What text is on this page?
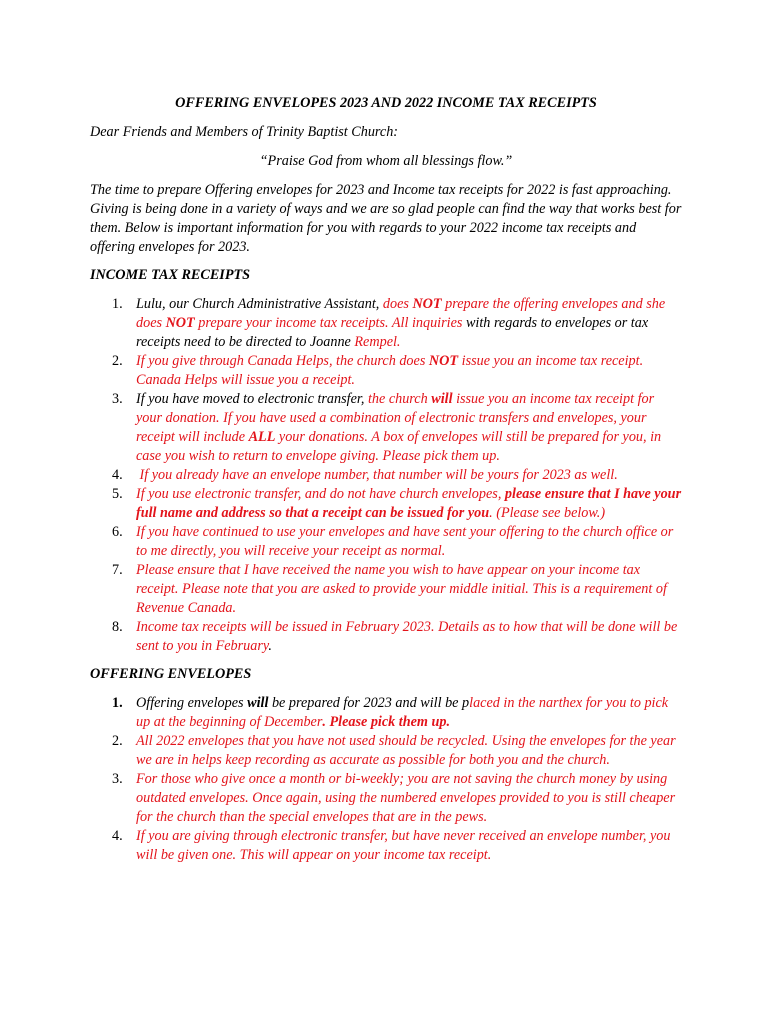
OFFERING ENVELOPES 2023 AND 2022 INCOME TAX RECEIPTS

Dear Friends and Members of Trinity Baptist Church:

“Praise God from whom all blessings flow.”

The time to prepare Offering envelopes for 2023 and Income tax receipts for 2022 is fast approaching. Giving is being done in a variety of ways and we are so glad people can find the way that works best for them. Below is important information for you with regards to your 2022 income tax receipts and offering envelopes for 2023.

INCOME TAX RECEIPTS

1. Lulu, our Church Administrative Assistant, does NOT prepare the offering envelopes and she does NOT prepare your income tax receipts. All inquiries with regards to envelopes or tax receipts need to be directed to Joanne Rempel.
2. If you give through Canada Helps, the church does NOT issue you an income tax receipt. Canada Helps will issue you a receipt.
3. If you have moved to electronic transfer, the church will issue you an income tax receipt for your donation. If you have used a combination of electronic transfers and envelopes, your receipt will include ALL your donations. A box of envelopes will still be prepared for you, in case you wish to return to envelope giving. Please pick them up.
4. If you already have an envelope number, that number will be yours for 2023 as well.
5. If you use electronic transfer, and do not have church envelopes, please ensure that I have your full name and address so that a receipt can be issued for you. (Please see below.)
6. If you have continued to use your envelopes and have sent your offering to the church office or to me directly, you will receive your receipt as normal.
7. Please ensure that I have received the name you wish to have appear on your income tax receipt. Please note that you are asked to provide your middle initial. This is a requirement of Revenue Canada.
8. Income tax receipts will be issued in February 2023. Details as to how that will be done will be sent to you in February.

OFFERING ENVELOPES

1. Offering envelopes will be prepared for 2023 and will be placed in the narthex for you to pick up at the beginning of December. Please pick them up.
2. All 2022 envelopes that you have not used should be recycled. Using the envelopes for the year we are in helps keep recording as accurate as possible for both you and the church.
3. For those who give once a month or bi-weekly; you are not saving the church money by using outdated envelopes. Once again, using the numbered envelopes provided to you is still cheaper for the church than the special envelopes that are in the pews.
4. If you are giving through electronic transfer, but have never received an envelope number, you will be given one. This will appear on your income tax receipt.
